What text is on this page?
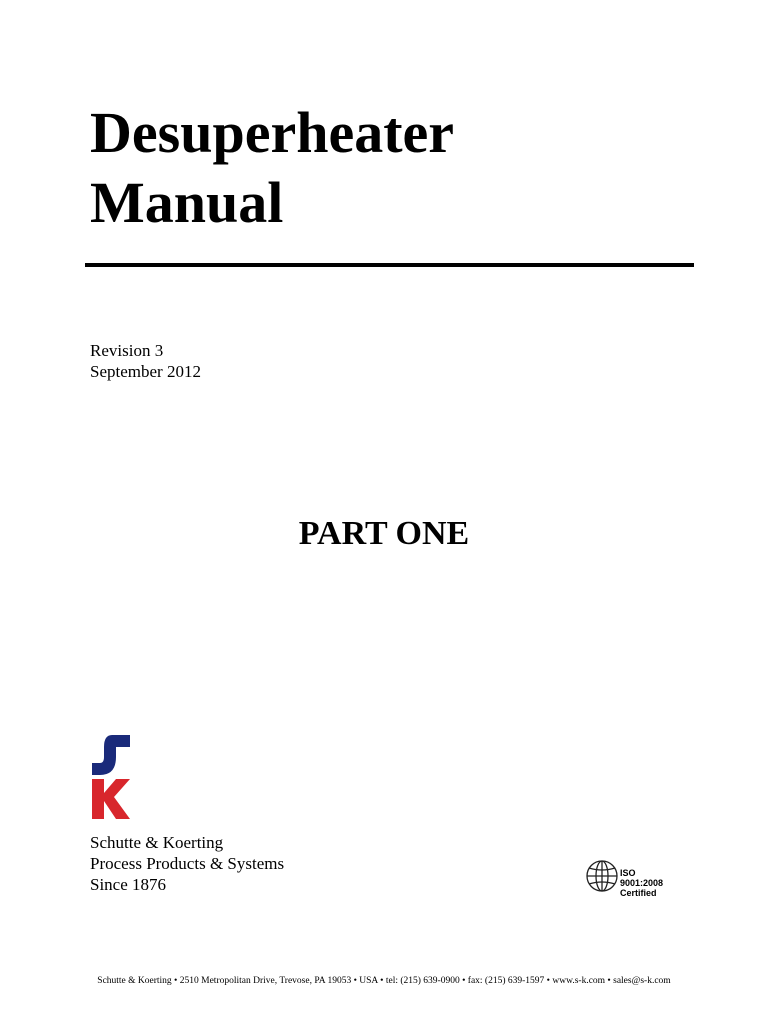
Desuperheater
Manual
Revision 3
September 2012
PART ONE
Schutte & Koerting
Process Products & Systems
Since 1876
ISO
9001:2008
Certified
Schutte & Koerting • 2510 Metropolitan Drive, Trevose, PA 19053 • USA • tel: (215) 639-0900 • fax: (215) 639-1597 • www.s-k.com • sales@s-k.com
